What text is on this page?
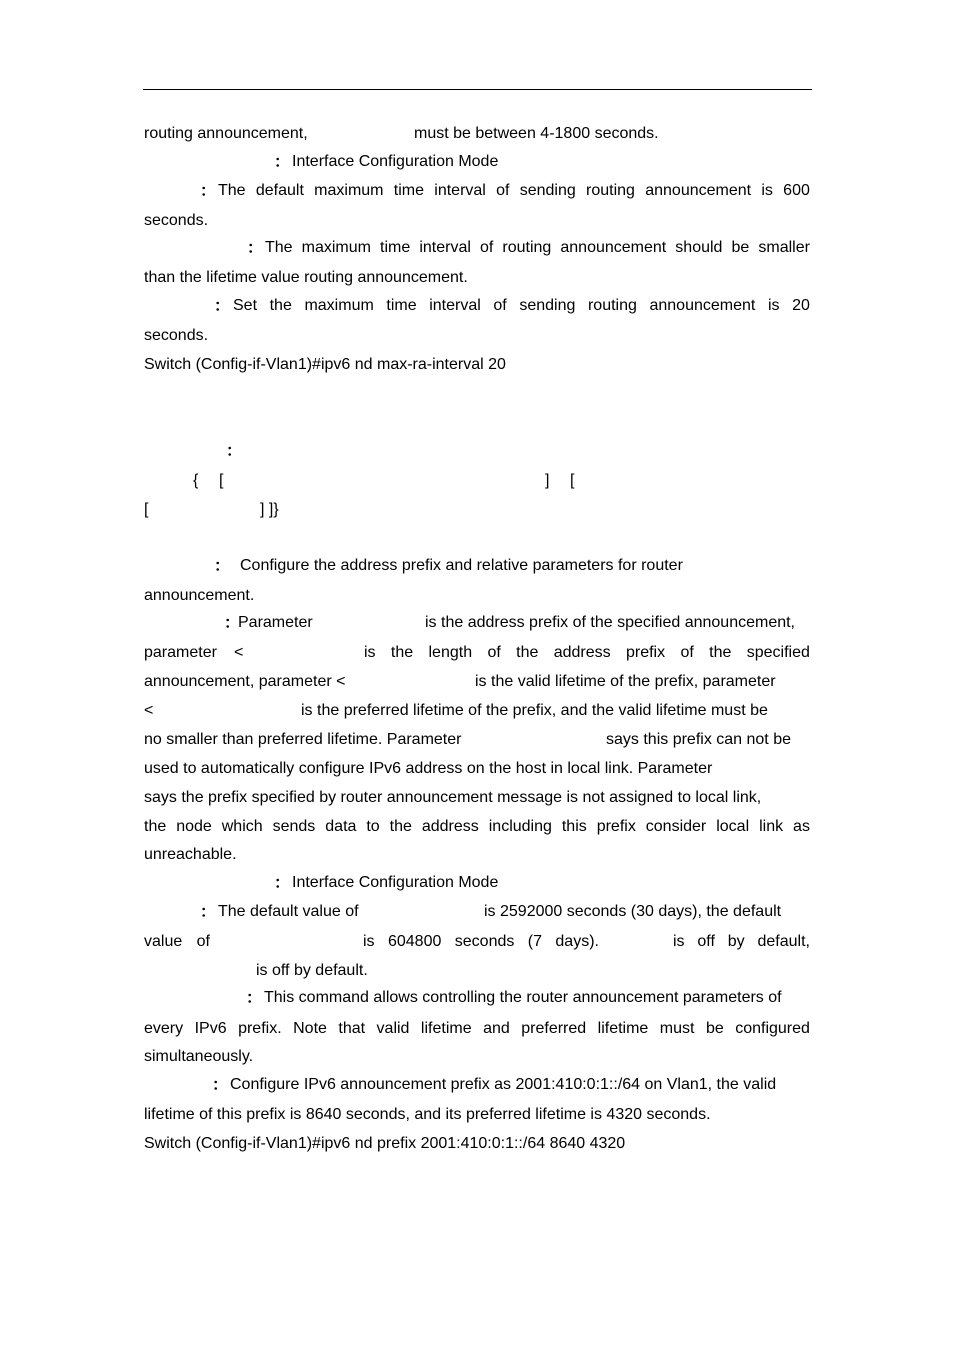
routing announcement,	must be between 4-1800 seconds.
： Interface Configuration Mode
： The default maximum time interval of sending routing announcement is 600
seconds.
： The maximum time interval of routing announcement should be smaller
than the lifetime value routing announcement.
： Set the maximum time interval of sending routing announcement is 20
seconds.
Switch (Config-if-Vlan1)#ipv6 nd max-ra-interval 20
：
{ [	] [
[	] ]}
： Configure the address prefix and relative parameters for router
announcement.
：
Parameter	is the address prefix of the specified announcement,
parameter <	is the length of the address prefix of the specified
announcement, parameter <	is the valid lifetime of the prefix, parameter
<	is the preferred lifetime of the prefix, and the valid lifetime must be
no smaller than preferred lifetime. Parameter	says this prefix can not be
used to automatically configure IPv6 address on the host in local link. Parameter
says the prefix specified by router announcement message is not assigned to local link,
the node which sends data to the address including this prefix consider local link as
unreachable.
： Interface Configuration Mode
： The default value of	is 2592000 seconds (30 days), the default
value of	is 604800 seconds (7 days).	is off by default,
is off by default.
： This command allows controlling the router announcement parameters of
every IPv6 prefix. Note that valid lifetime and preferred lifetime must be configured
simultaneously.
： Configure IPv6 announcement prefix as 2001:410:0:1::/64 on Vlan1, the valid
lifetime of this prefix is 8640 seconds, and its preferred lifetime is 4320 seconds.
Switch (Config-if-Vlan1)#ipv6 nd prefix 2001:410:0:1::/64 8640 4320
